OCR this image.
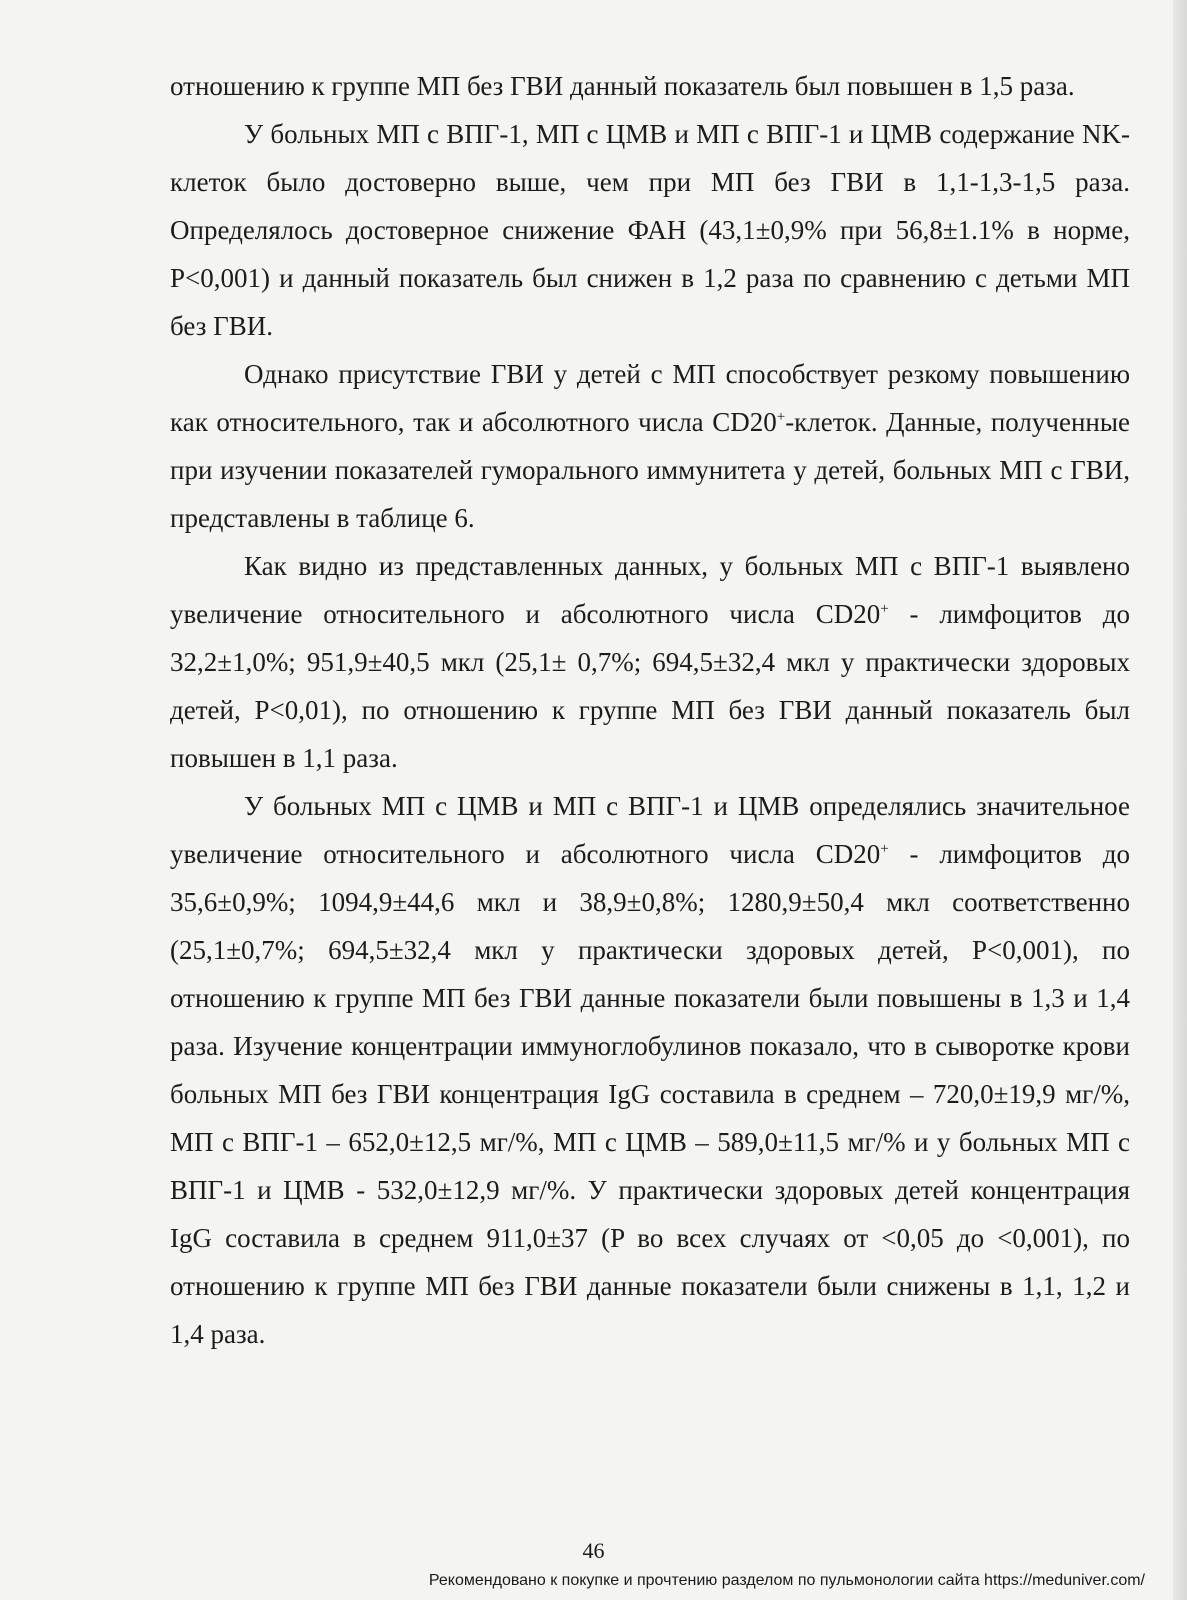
отношению к группе МП без ГВИ данный показатель был повышен в 1,5 раза.

У больных МП с ВПГ-1, МП с ЦМВ и МП с ВПГ-1 и ЦМВ содержание NK-клеток было достоверно выше, чем при МП без ГВИ в 1,1-1,3-1,5 раза. Определялось достоверное снижение ФАН (43,1±0,9% при 56,8±1.1% в норме, P<0,001) и данный показатель был снижен в 1,2 раза по сравнению с детьми МП без ГВИ.

Однако присутствие ГВИ у детей с МП способствует резкому повышению как относительного, так и абсолютного числа CD20+-клеток. Данные, полученные при изучении показателей гуморального иммунитета у детей, больных МП с ГВИ, представлены в таблице 6.

Как видно из представленных данных, у больных МП с ВПГ-1 выявлено увеличение относительного и абсолютного числа CD20+ - лимфоцитов до 32,2±1,0%; 951,9±40,5 мкл (25,1± 0,7%; 694,5±32,4 мкл у практически здоровых детей, P<0,01), по отношению к группе МП без ГВИ данный показатель был повышен в 1,1 раза.

У больных МП с ЦМВ и МП с ВПГ-1 и ЦМВ определялись значительное увеличение относительного и абсолютного числа CD20+ - лимфоцитов до 35,6±0,9%; 1094,9±44,6 мкл и 38,9±0,8%; 1280,9±50,4 мкл соответственно (25,1±0,7%; 694,5±32,4 мкл у практически здоровых детей, P<0,001), по отношению к группе МП без ГВИ данные показатели были повышены в 1,3 и 1,4 раза. Изучение концентрации иммуноглобулинов показало, что в сыворотке крови больных МП без ГВИ концентрация IgG составила в среднем – 720,0±19,9 мг/%, МП с ВПГ-1 – 652,0±12,5 мг/%, МП с ЦМВ – 589,0±11,5 мг/% и у больных МП с ВПГ-1 и ЦМВ - 532,0±12,9 мг/%. У практически здоровых детей концентрация IgG составила в среднем 911,0±37 (P во всех случаях от <0,05 до <0,001), по отношению к группе МП без ГВИ данные показатели были снижены в 1,1, 1,2 и 1,4 раза.

46
Рекомендовано к покупке и прочтению разделом по пульмонологии сайта https://meduniver.com/
